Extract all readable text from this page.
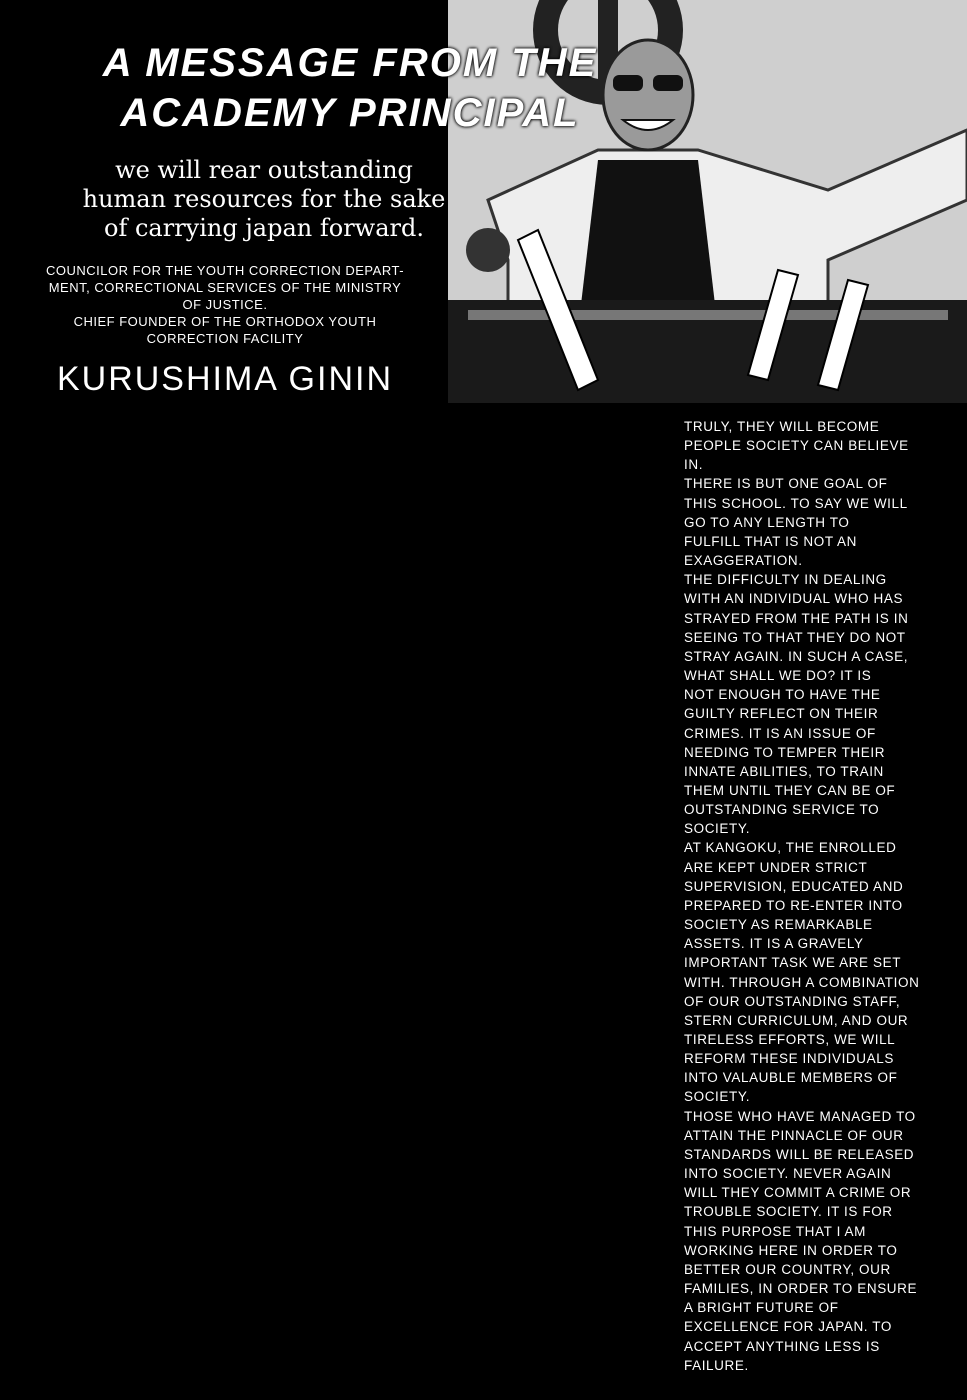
A MESSAGE FROM THE
ACADEMY PRINCIPAL
we will rear outstanding
human resources for the sake
of carrying japan forward.
COUNCILOR FOR THE YOUTH CORRECTION DEPART-
MENT, CORRECTIONAL SERVICES OF THE MINISTRY
OF JUSTICE.
CHIEF FOUNDER OF THE ORTHODOX YOUTH
CORRECTION FACILITY
KURUSHIMA GININ
TRULY, THEY WILL BECOME
PEOPLE SOCIETY CAN BELIEVE
IN.
THERE IS BUT ONE GOAL OF
THIS SCHOOL. TO SAY WE WILL
GO TO ANY LENGTH TO
FULFILL THAT IS NOT AN
EXAGGERATION.
THE DIFFICULTY IN DEALING
WITH AN INDIVIDUAL WHO HAS
STRAYED FROM THE PATH IS IN
SEEING TO THAT THEY DO NOT
STRAY AGAIN. IN SUCH A CASE,
WHAT SHALL WE DO? IT IS
NOT ENOUGH TO HAVE THE
GUILTY REFLECT ON THEIR
CRIMES. IT IS AN ISSUE OF
NEEDING TO TEMPER THEIR
INNATE ABILITIES, TO TRAIN
THEM UNTIL THEY CAN BE OF
OUTSTANDING SERVICE TO
SOCIETY.
AT KANGOKU, THE ENROLLED
ARE KEPT UNDER STRICT
SUPERVISION, EDUCATED AND
PREPARED TO RE-ENTER INTO
SOCIETY AS REMARKABLE
ASSETS. IT IS A GRAVELY
IMPORTANT TASK WE ARE SET
WITH. THROUGH A COMBINATION
OF OUR OUTSTANDING STAFF,
STERN CURRICULUM, AND OUR
TIRELESS EFFORTS, WE WILL
REFORM THESE INDIVIDUALS
INTO VALAUBLE MEMBERS OF
SOCIETY.
THOSE WHO HAVE MANAGED TO
ATTAIN THE PINNACLE OF OUR
STANDARDS WILL BE RELEASED
INTO SOCIETY. NEVER AGAIN
WILL THEY COMMIT A CRIME OR
TROUBLE SOCIETY. IT IS FOR
THIS PURPOSE THAT I AM
WORKING HERE IN ORDER TO
BETTER OUR COUNTRY, OUR
FAMILIES, IN ORDER TO ENSURE
A BRIGHT FUTURE OF
EXCELLENCE FOR JAPAN. TO
ACCEPT ANYTHING LESS IS
FAILURE.
